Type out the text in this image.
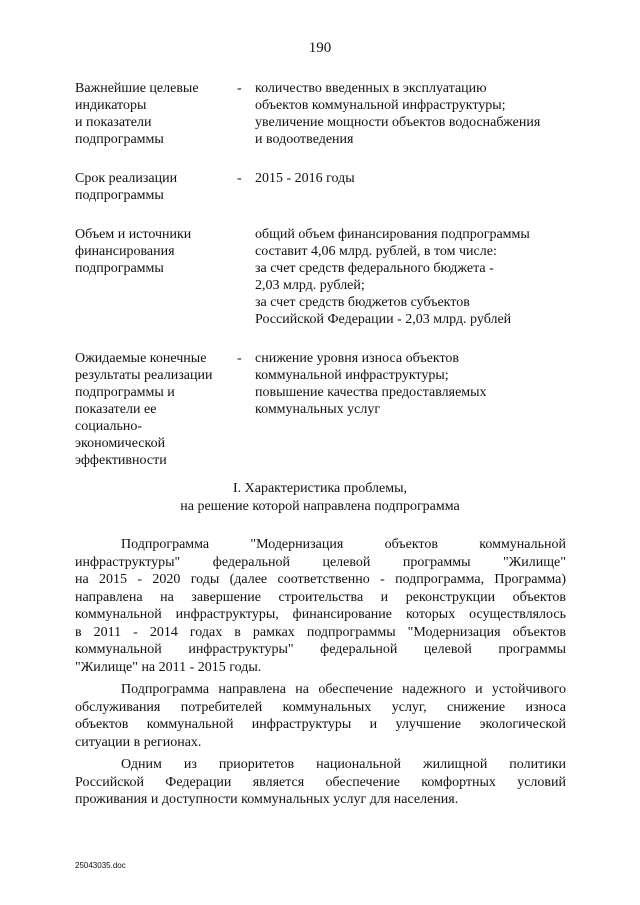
190
Важнейшие целевые
индикаторы
и показатели
подпрограммы
- количество введенных в эксплуатацию
объектов коммунальной инфраструктуры;
увеличение мощности объектов водоснабжения
и водоотведения
Срок реализации
подпрограммы
- 2015 - 2016 годы
Объем и источники
финансирования
подпрограммы
общий объем финансирования подпрограммы
составит 4,06 млрд. рублей, в том числе:
за счет средств федерального бюджета -
2,03 млрд. рублей;
за счет средств бюджетов субъектов
Российской Федерации - 2,03 млрд. рублей
Ожидаемые конечные
результаты реализации
подпрограммы и
показатели ее
социально-
экономической
эффективности
- снижение уровня износа объектов
коммунальной инфраструктуры;
повышение качества предоставляемых
коммунальных услуг
I. Характеристика проблемы,
на решение которой направлена подпрограмма

Подпрограмма "Модернизация объектов коммунальной
инфраструктуры" федеральной целевой программы "Жилище"
на 2015 - 2020 годы (далее соответственно - подпрограмма, Программа)
направлена на завершение строительства и реконструкции объектов
коммунальной инфраструктуры, финансирование которых осуществлялось
в 2011 - 2014 годах в рамках подпрограммы "Модернизация объектов
коммунальной инфраструктуры" федеральной целевой программы
"Жилище" на 2011 - 2015 годы.

Подпрограмма направлена на обеспечение надежного и устойчивого
обслуживания потребителей коммунальных услуг, снижение износа
объектов коммунальной инфраструктуры и улучшение экологической
ситуации в регионах.

Одним из приоритетов национальной жилищной политики
Российской Федерации является обеспечение комфортных условий
проживания и доступности коммунальных услуг для населения.

25043035.doc
